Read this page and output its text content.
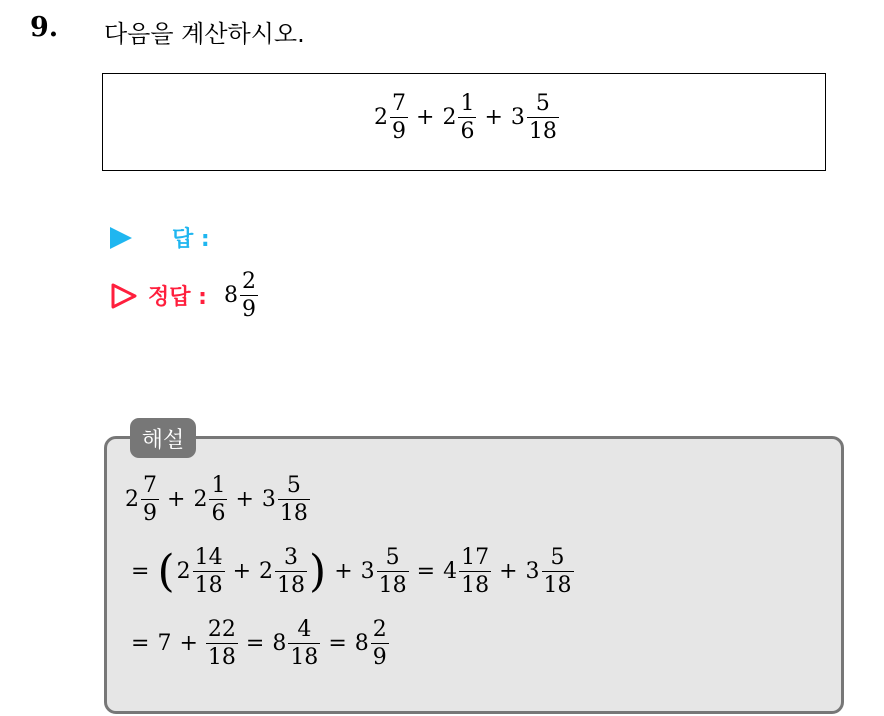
9. 다음을 계산하시오.
$2 \frac{7}{9} + 2 \frac{1}{6} + 3 \frac{5}{18}$
답 :
정답 : $8 \frac{2}{9}$
해설
$2 \frac{7}{9} + 2 \frac{1}{6} + 3 \frac{5}{18}$
= ( $2 \frac{14}{18} + 2 \frac{3}{18}$ ) + $3 \frac{5}{18} = 4 \frac{17}{18} + 3 \frac{5}{18}$
= $7 + \frac{22}{18} = 8 \frac{4}{18} = 8 \frac{2}{9}$
